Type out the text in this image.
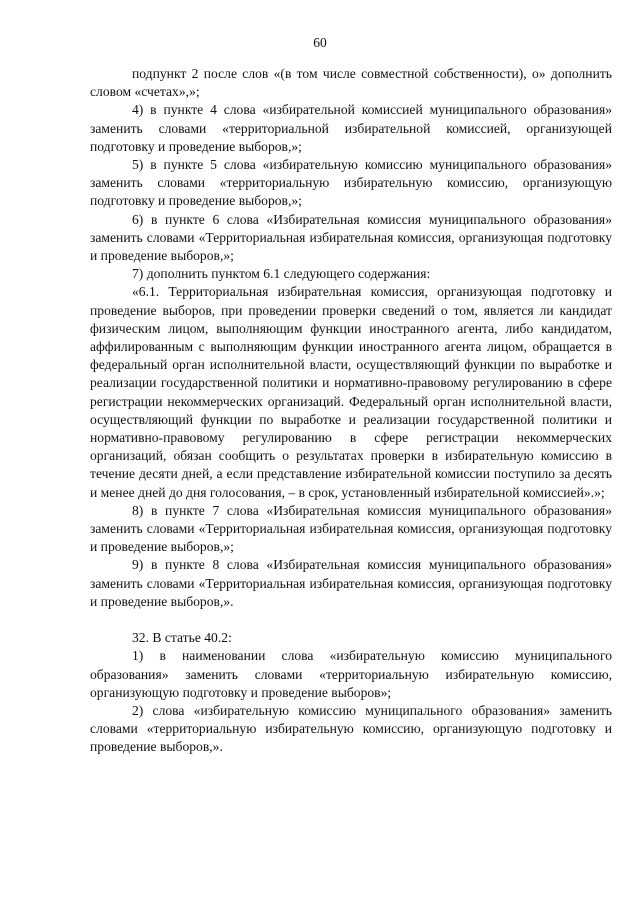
60

подпункт 2 после слов «(в том числе совместной собственности), о» дополнить словом «счетах»,»;

4) в пункте 4 слова «избирательной комиссией муниципального образования» заменить словами «территориальной избирательной комиссией, организующей подготовку и проведение выборов,»;

5) в пункте 5 слова «избирательную комиссию муниципального образования» заменить словами «территориальную избирательную комиссию, организующую подготовку и проведение выборов,»;

6) в пункте 6 слова «Избирательная комиссия муниципального образования» заменить словами «Территориальная избирательная комиссия, организующая подготовку и проведение выборов,»;

7) дополнить пунктом 6.1 следующего содержания:

«6.1. Территориальная избирательная комиссия, организующая подготовку и проведение выборов, при проведении проверки сведений о том, является ли кандидат физическим лицом, выполняющим функции иностранного агента, либо кандидатом, аффилированным с выполняющим функции иностранного агента лицом, обращается в федеральный орган исполнительной власти, осуществляющий функции по выработке и реализации государственной политики и нормативно-правовому регулированию в сфере регистрации некоммерческих организаций. Федеральный орган исполнительной власти, осуществляющий функции по выработке и реализации государственной политики и нормативно-правовому регулированию в сфере регистрации некоммерческих организаций, обязан сообщить о результатах проверки в избирательную комиссию в течение десяти дней, а если представление избирательной комиссии поступило за десять и менее дней до дня голосования, – в срок, установленный избирательной комиссией».»;

8) в пункте 7 слова «Избирательная комиссия муниципального образования» заменить словами «Территориальная избирательная комиссия, организующая подготовку и проведение выборов,»;

9) в пункте 8 слова «Избирательная комиссия муниципального образования» заменить словами «Территориальная избирательная комиссия, организующая подготовку и проведение выборов,».

32. В статье 40.2:

1) в наименовании слова «избирательную комиссию муниципального образования» заменить словами «территориальную избирательную комиссию, организующую подготовку и проведение выборов»;

2) слова «избирательную комиссию муниципального образования» заменить словами «территориальную избирательную комиссию, организующую подготовку и проведение выборов,».
